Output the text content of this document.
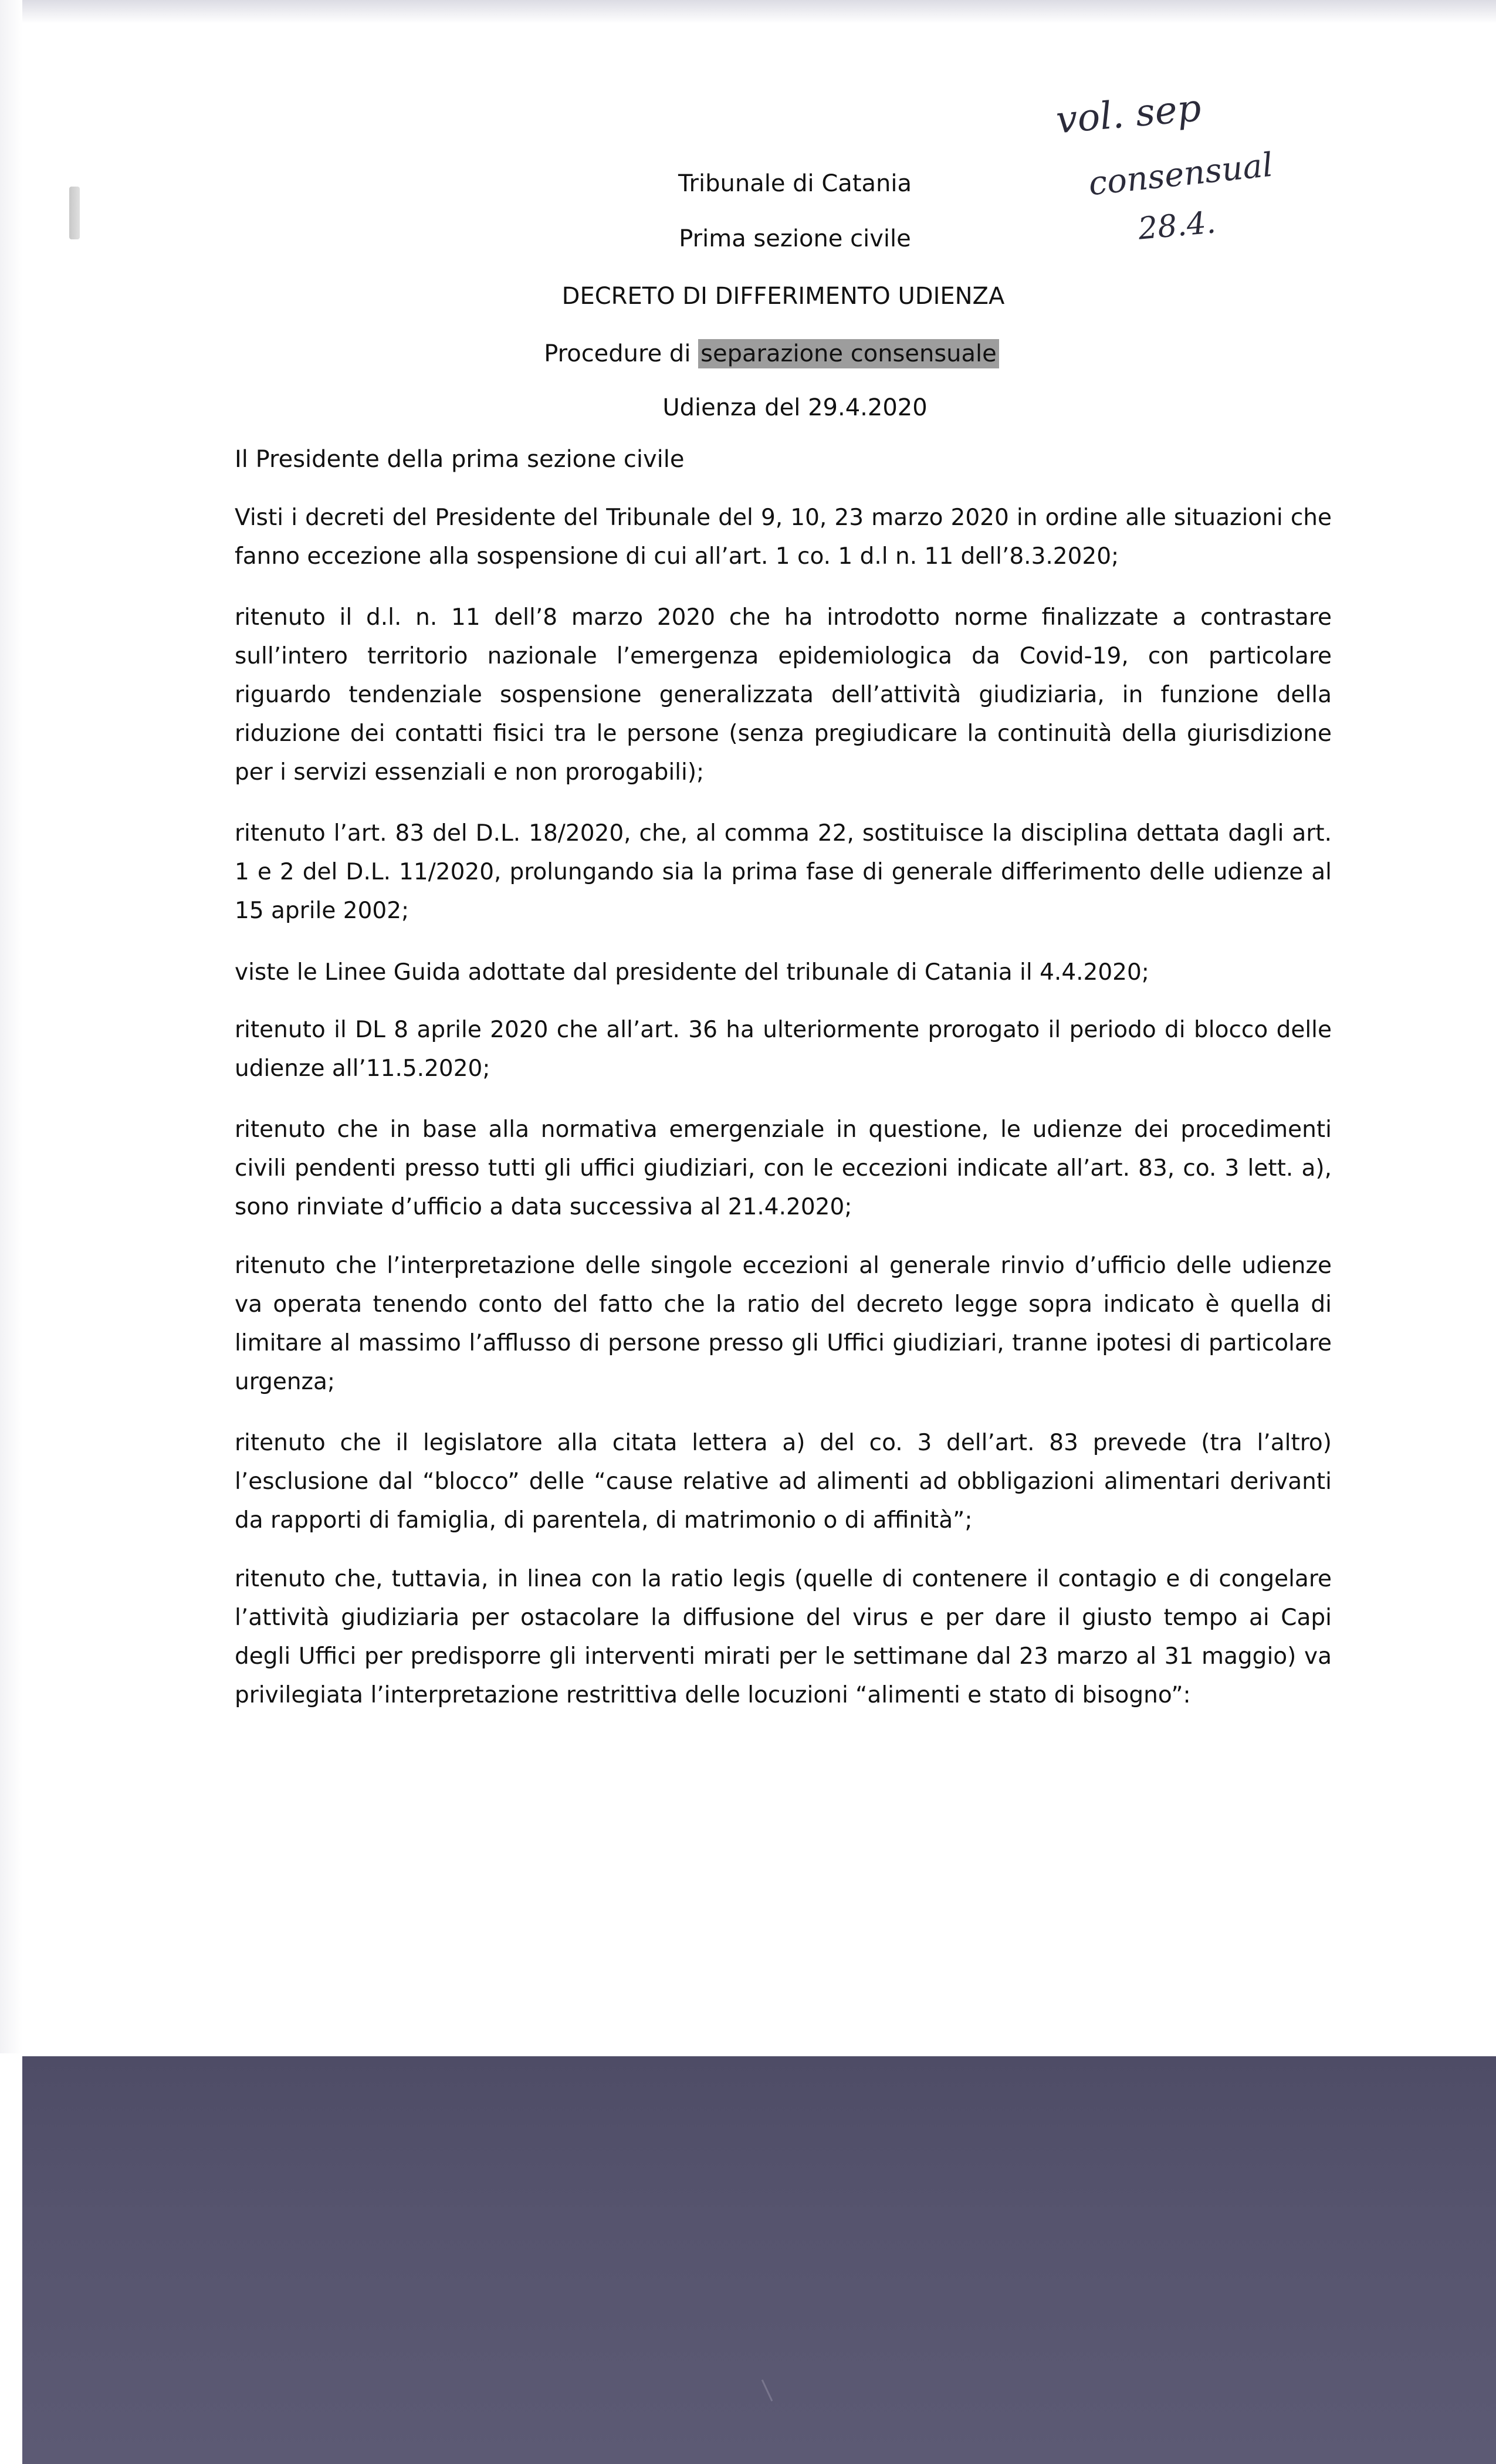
vol. sep
consensual
28.4.
Tribunale di Catania
Prima sezione civile
DECRETO DI DIFFERIMENTO UDIENZA
Procedure di separazione consensuale
Udienza del 29.4.2020
Il Presidente della prima sezione civile
Visti i decreti del Presidente del Tribunale del 9, 10, 23 marzo 2020 in ordine alle situazioni che fanno eccezione alla sospensione di cui all’art. 1 co. 1 d.l n. 11 dell’8.3.2020;
ritenuto il d.l. n. 11 dell’8 marzo 2020 che ha introdotto norme finalizzate a contrastare sull’intero territorio nazionale l’emergenza epidemiologica da Covid-19, con particolare riguardo tendenziale sospensione generalizzata dell’attività giudiziaria, in funzione della riduzione dei contatti fisici tra le persone (senza pregiudicare la continuità della giurisdizione per i servizi essenziali e non prorogabili);
ritenuto l’art. 83 del D.L. 18/2020, che, al comma 22, sostituisce la disciplina dettata dagli art. 1 e 2 del D.L. 11/2020, prolungando sia la prima fase di generale differimento delle udienze al 15 aprile 2002;
viste le Linee Guida adottate dal presidente del tribunale di Catania il 4.4.2020;
ritenuto il DL 8 aprile 2020 che all’art. 36 ha ulteriormente prorogato il periodo di blocco delle udienze all’11.5.2020;
ritenuto che in base alla normativa emergenziale in questione, le udienze dei procedimenti civili pendenti presso tutti gli uffici giudiziari, con le eccezioni indicate all’art. 83, co. 3 lett. a), sono rinviate d’ufficio a data successiva al 21.4.2020;
ritenuto che l’interpretazione delle singole eccezioni al generale rinvio d’ufficio delle udienze va operata tenendo conto del fatto che la ratio del decreto legge sopra indicato è quella di limitare al massimo l’afflusso di persone presso gli Uffici giudiziari, tranne ipotesi di particolare urgenza;
ritenuto che il legislatore alla citata lettera a) del co. 3 dell’art. 83 prevede (tra l’altro) l’esclusione dal “blocco” delle “cause relative ad alimenti ad obbligazioni alimentari derivanti da rapporti di famiglia, di parentela, di matrimonio o di affinità”;
ritenuto che, tuttavia, in linea con la ratio legis (quelle di contenere il contagio e di congelare l’attività giudiziaria per ostacolare la diffusione del virus e per dare il giusto tempo ai Capi degli Uffici per predisporre gli interventi mirati per le settimane dal 23 marzo al 31 maggio) va privilegiata l’interpretazione restrittiva delle locuzioni “alimenti e stato di bisogno”:
